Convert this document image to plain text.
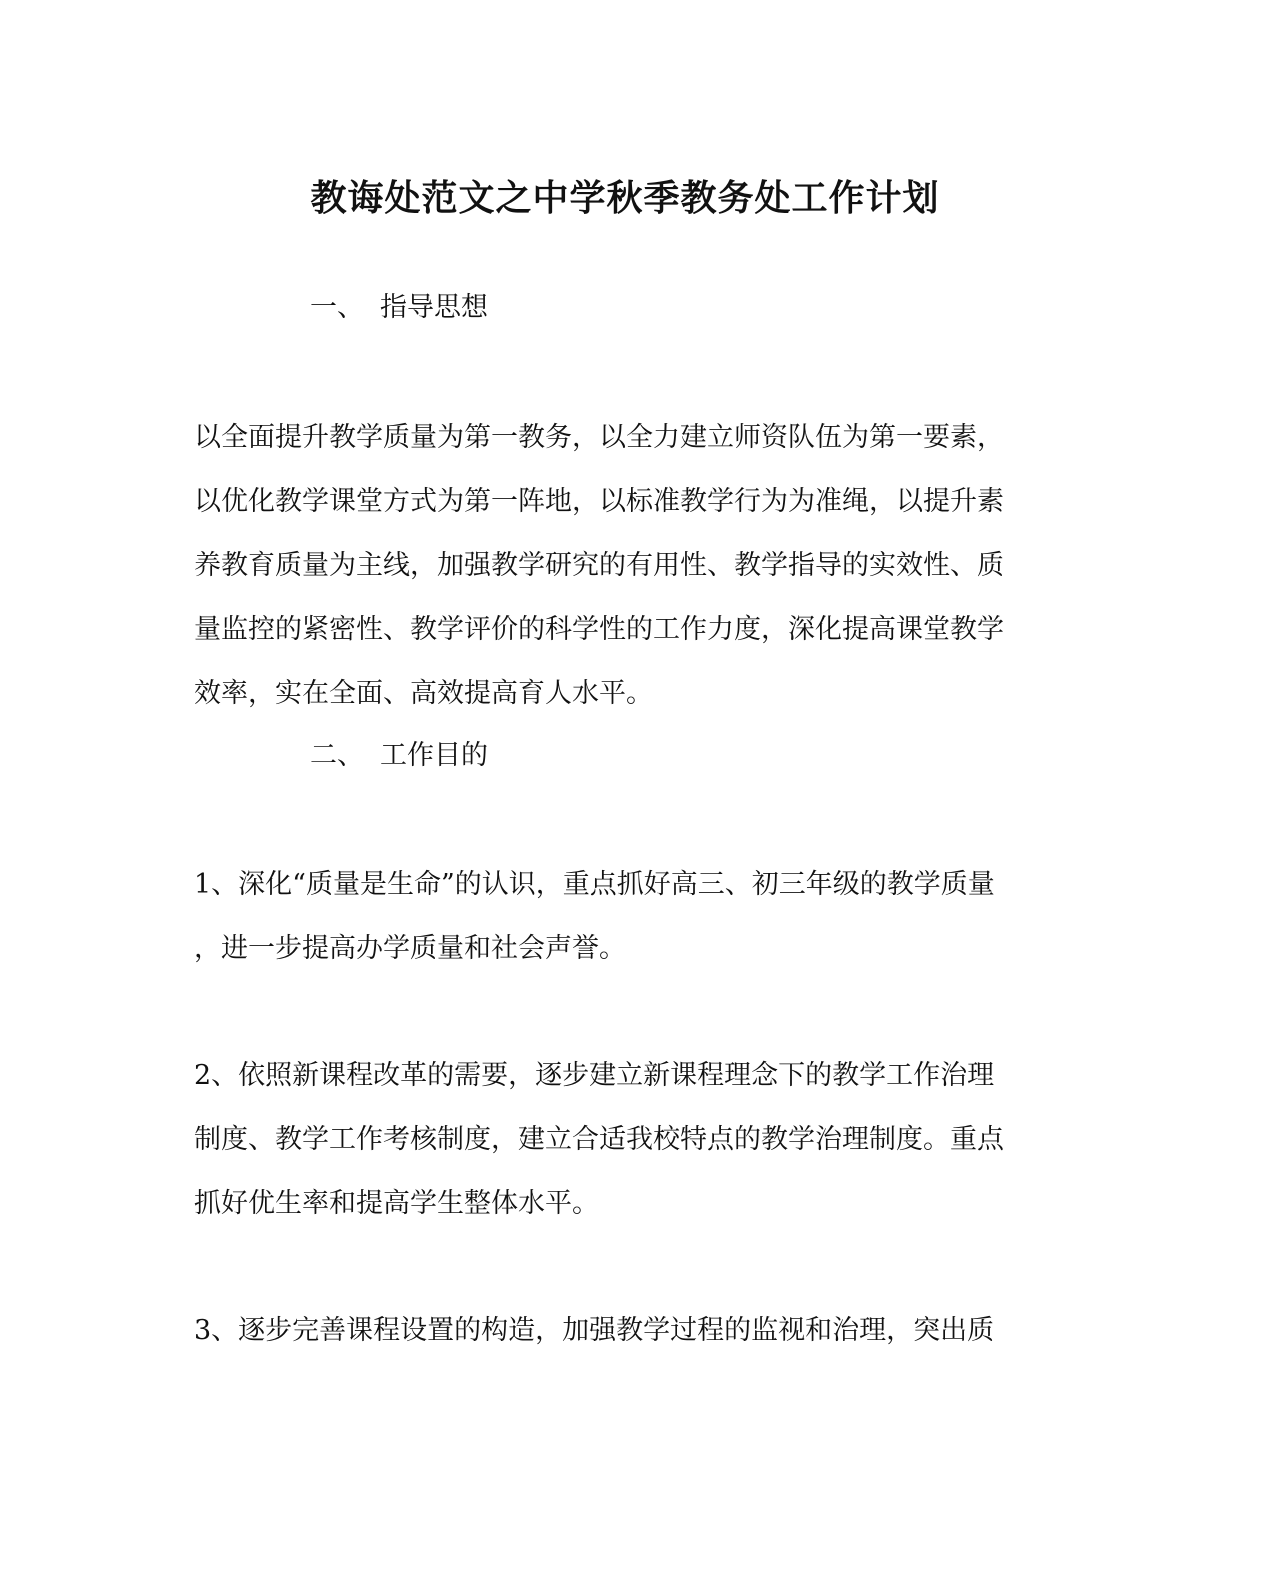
教诲处范文之中学秋季教务处工作计划
一、 指导思想
以全面提升教学质量为第一教务，以全力建立师资队伍为第一要素，
以优化教学课堂方式为第一阵地，以标准教学行为为准绳，以提升素
养教育质量为主线，加强教学研究的有用性、教学指导的实效性、质
量监控的紧密性、教学评价的科学性的工作力度，深化提高课堂教学
效率，实在全面、高效提高育人水平。
二、 工作目的
1、深化“质量是生命”的认识，重点抓好高三、初三年级的教学质量
，进一步提高办学质量和社会声誉。
2、依照新课程改革的需要，逐步建立新课程理念下的教学工作治理
制度、教学工作考核制度，建立合适我校特点的教学治理制度。重点
抓好优生率和提高学生整体水平。
3、逐步完善课程设置的构造，加强教学过程的监视和治理，突出质
